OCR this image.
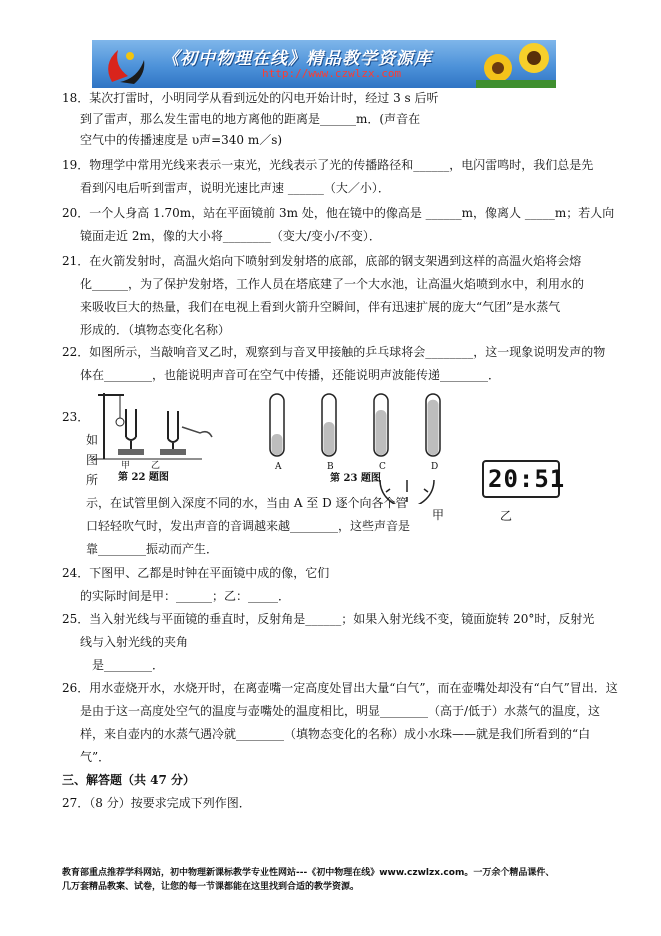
《初中物理在线》精品教学资源库
http://www.czwlzx.com
18．某次打雷时，小明同学从看到远处的闪电开始计时，经过 3 s 后听
到了雷声，那么发生雷电的地方离他的距离是______m．(声音在
空气中的传播速度是 υ声=340 m／s)
19．物理学中常用光线来表示一束光，光线表示了光的传播路径和______，电闪雷鸣时，我们总是先
看到闪电后听到雷声，说明光速比声速 ______（大／小）．
20．一个人身高 1.70m，站在平面镜前 3m 处，他在镜中的像高是 ______m，像离人 _____m；若人向
镜面走近 2m，像的大小将________（变大/变小/不变）．
21．在火箭发射时，高温火焰向下喷射到发射塔的底部，底部的钢支架遇到这样的高温火焰将会熔
化______，为了保护发射塔，工作人员在塔底建了一个大水池，让高温火焰喷到水中，利用水的
来吸收巨大的热量，我们在电视上看到火箭升空瞬间，伴有迅速扩展的庞大“气团”是水蒸气
形成的．（填物态变化名称）
22．如图所示，当敲响音叉乙时，观察到与音叉甲接触的乒乓球将会________，这一现象说明发声的物
体在________，也能说明声音可在空气中传播，还能说明声波能传递________．
23．
如
图
所
示，在试管里倒入深度不同的水，当由 A 至 D 逐个向各个管
口轻轻吹气时，发出声音的音调越来越________，这些声音是
靠________振动而产生．
24．下图甲、乙都是时钟在平面镜中成的像，它们
的实际时间是甲：______；乙：_____．
25．当入射光线与平面镜的垂直时，反射角是______；如果入射光线不变，镜面旋转 20°时，反射光
线与入射光线的夹角
是________．
26．用水壶烧开水，水烧开时，在离壶嘴一定高度处冒出大量“白气”，而在壶嘴处却没有“白气”冒出．这
是由于这一高度处空气的温度与壶嘴处的温度相比，明显________（高于/低于）水蒸气的温度，这
样，来自壶内的水蒸气遇冷就________（填物态变化的名称）成小水珠——就是我们所看到的“白
气”．
三、解答题（共 47 分）
27．（8 分）按要求完成下列作图．
甲 乙
第 22 题图
A	B	C	D
第 23 题图
甲
20:51
乙
教育部重点推荐学科网站，初中物理新课标教学专业性网站---《初中物理在线》www.czwlzx.com。一万余个精品课件、
几万套精品教案、试卷，让您的每一节课都能在这里找到合适的教学资源。
